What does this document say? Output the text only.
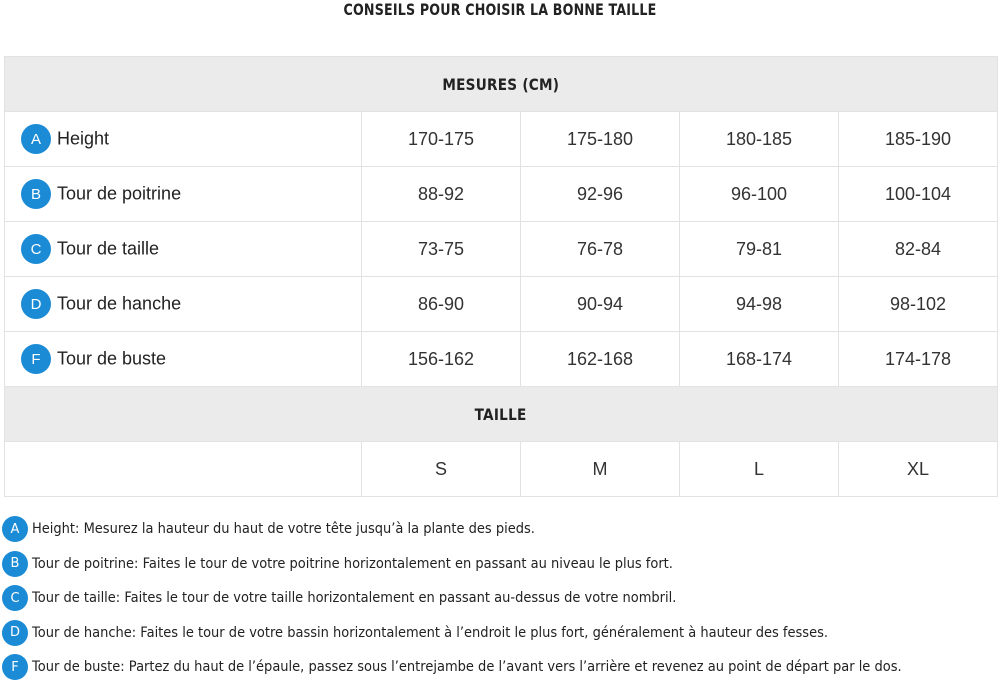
CONSEILS POUR CHOISIR LA BONNE TAILLE
MESURES (CM)				
A Height	170-175	175-180	180-185	185-190
B Tour de poitrine	88-92	92-96	96-100	100-104
C Tour de taille	73-75	76-78	79-81	82-84
D Tour de hanche	86-90	90-94	94-98	98-102
F Tour de buste	156-162	162-168	168-174	174-178
TAILLE				
	S	M	L	XL
A Height: Mesurez la hauteur du haut de votre tête jusqu’à la plante des pieds.
B Tour de poitrine: Faites le tour de votre poitrine horizontalement en passant au niveau le plus fort.
C Tour de taille: Faites le tour de votre taille horizontalement en passant au-dessus de votre nombril.
D Tour de hanche: Faites le tour de votre bassin horizontalement à l’endroit le plus fort, généralement à hauteur des fesses.
F Tour de buste: Partez du haut de l’épaule, passez sous l’entrejambe de l’avant vers l’arrière et revenez au point de départ par le dos.
